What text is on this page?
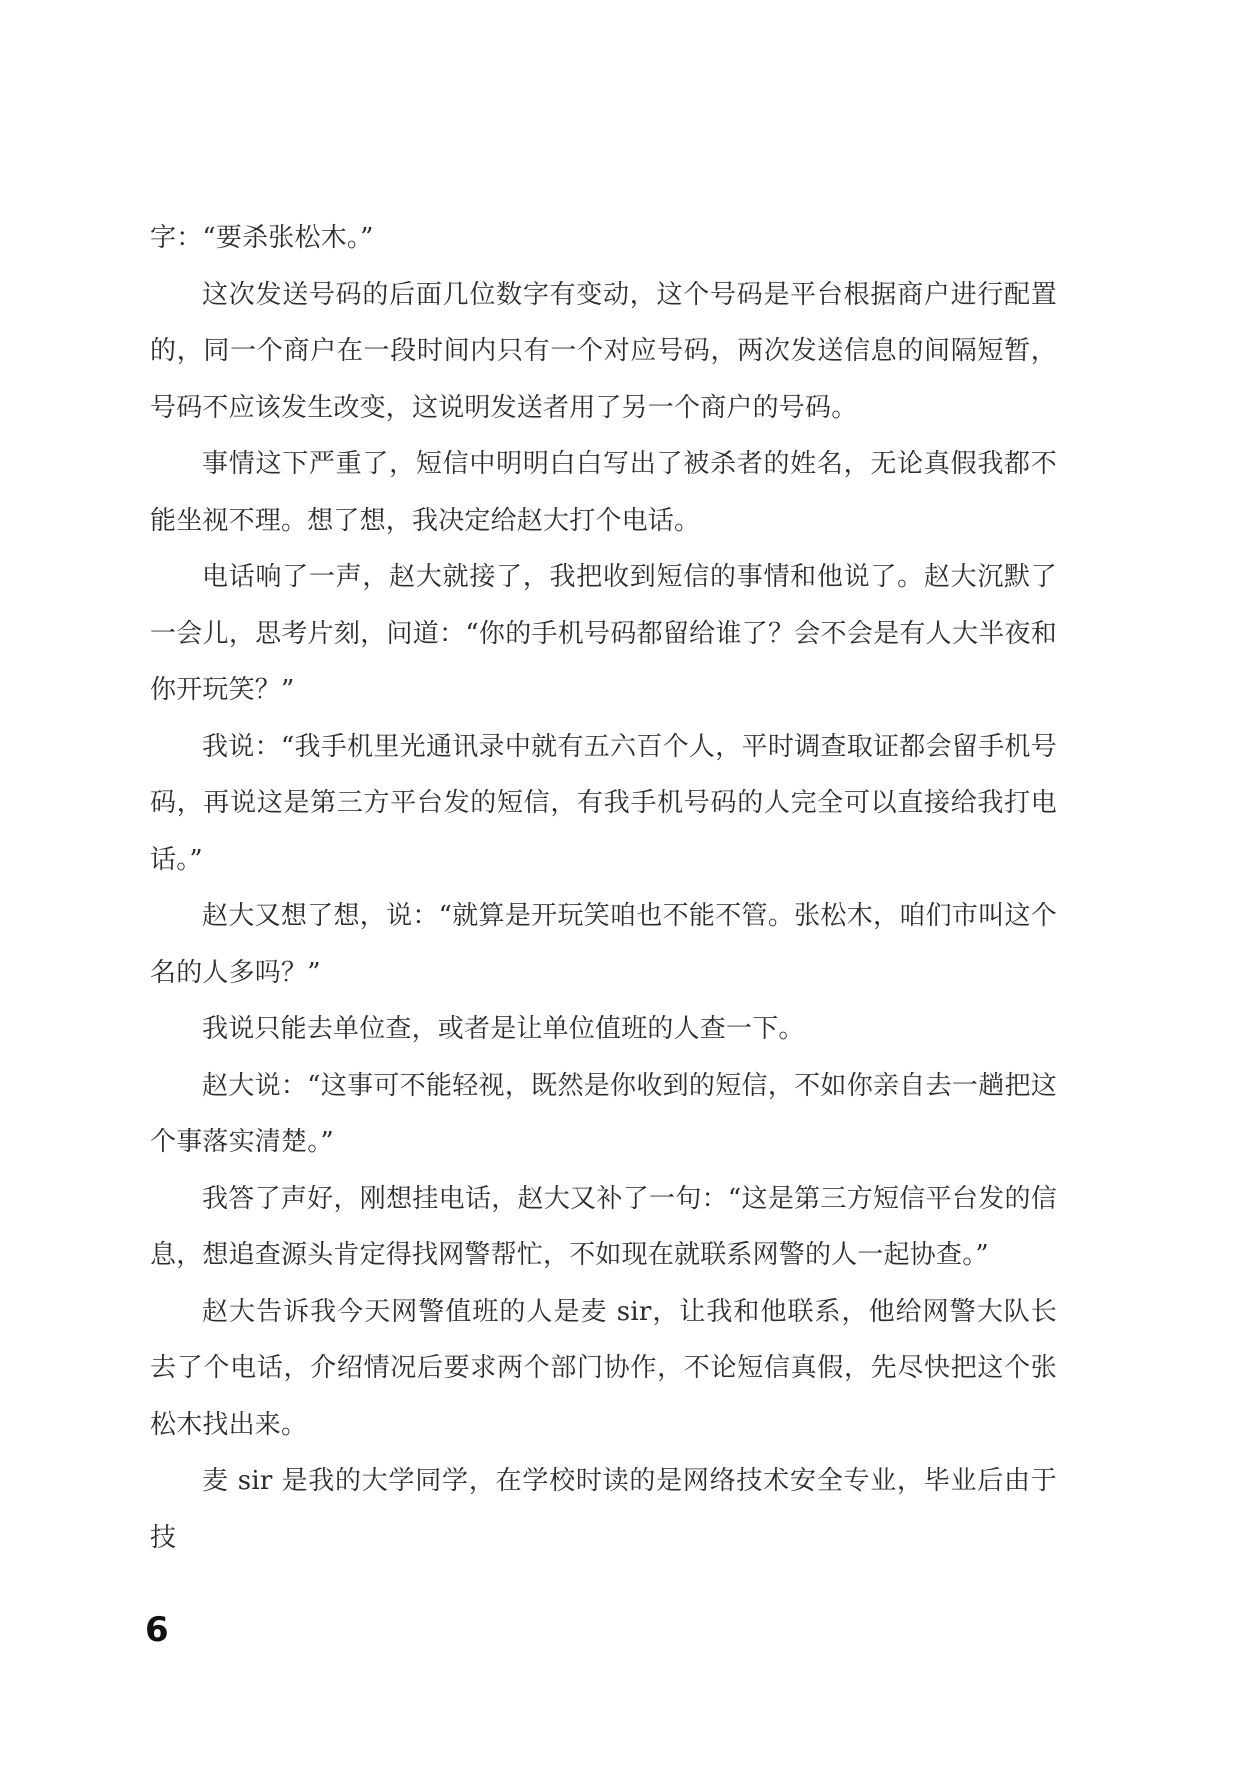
字：“要杀张松木。”

这次发送号码的后面几位数字有变动，这个号码是平台根据商户进行配置的，同一个商户在一段时间内只有一个对应号码，两次发送信息的间隔短暂，号码不应该发生改变，这说明发送者用了另一个商户的号码。

事情这下严重了，短信中明明白白写出了被杀者的姓名，无论真假我都不能坐视不理。想了想，我决定给赵大打个电话。

电话响了一声，赵大就接了，我把收到短信的事情和他说了。赵大沉默了一会儿，思考片刻，问道：“你的手机号码都留给谁了？会不会是有人大半夜和你开玩笑？”

我说：“我手机里光通讯录中就有五六百个人，平时调查取证都会留手机号码，再说这是第三方平台发的短信，有我手机号码的人完全可以直接给我打电话。”

赵大又想了想，说：“就算是开玩笑咱也不能不管。张松木，咱们市叫这个名的人多吗？”

我说只能去单位查，或者是让单位值班的人查一下。

赵大说：“这事可不能轻视，既然是你收到的短信，不如你亲自去一趟把这个事落实清楚。”

我答了声好，刚想挂电话，赵大又补了一句：“这是第三方短信平台发的信息，想追查源头肯定得找网警帮忙，不如现在就联系网警的人一起协查。”

赵大告诉我今天网警值班的人是麦 sir，让我和他联系，他给网警大队长去了个电话，介绍情况后要求两个部门协作，不论短信真假，先尽快把这个张松木找出来。

麦 sir 是我的大学同学，在学校时读的是网络技术安全专业，毕业后由于技

6
